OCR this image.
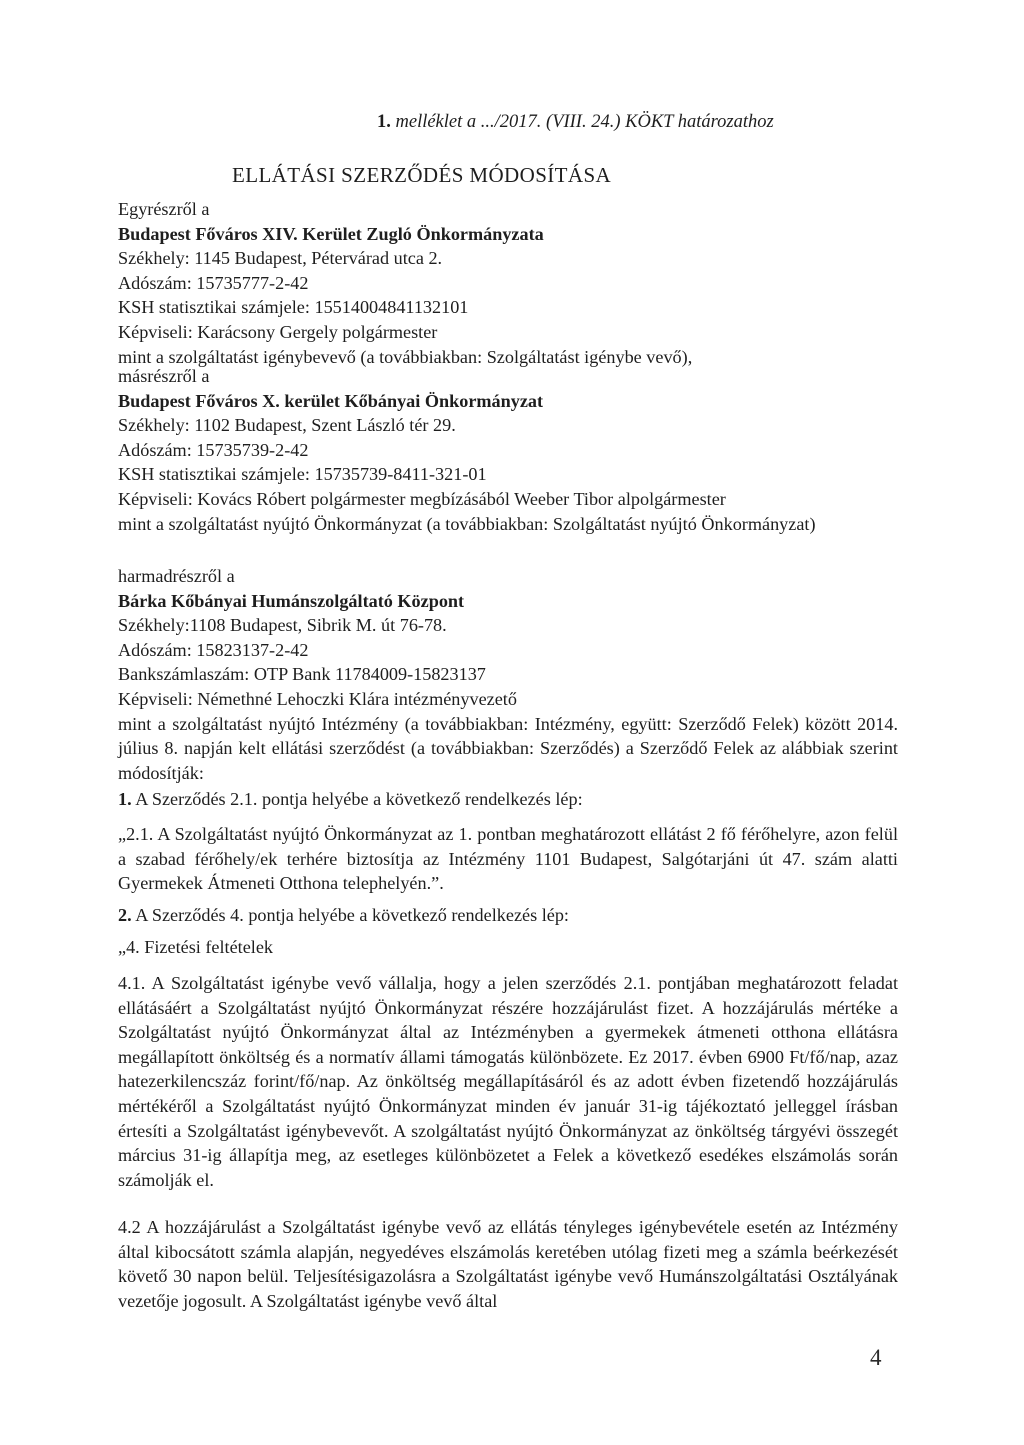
1. melléklet a .../2017. (VIII. 24.) KÖKT határozathoz
ELLÁTÁSI SZERZŐDÉS MÓDOSÍTÁSA
Egyrészről a
Budapest Főváros XIV. Kerület Zugló Önkormányzata
Székhely: 1145 Budapest, Pétervárad utca 2.
Adószám: 15735777-2-42
KSH statisztikai számjele: 15514004841132101
Képviseli: Karácsony Gergely polgármester
mint a szolgáltatást igénybevevő (a továbbiakban: Szolgáltatást igénybe vevő),
másrészről a
Budapest Főváros X. kerület Kőbányai Önkormányzat
Székhely: 1102 Budapest, Szent László tér 29.
Adószám: 15735739-2-42
KSH statisztikai számjele: 15735739-8411-321-01
Képviseli: Kovács Róbert polgármester megbízásából Weeber Tibor alpolgármester
mint a szolgáltatást nyújtó Önkormányzat (a továbbiakban: Szolgáltatást nyújtó Önkormányzat)
harmadrészről a
Bárka Kőbányai Humánszolgáltató Központ
Székhely:1108 Budapest, Sibrik M. út 76-78.
Adószám: 15823137-2-42
Bankszámlaszám: OTP Bank 11784009-15823137
Képviseli: Némethné Lehoczki Klára intézményvezető
mint a szolgáltatást nyújtó Intézmény (a továbbiakban: Intézmény, együtt: Szerződő Felek) között 2014. július 8. napján kelt ellátási szerződést (a továbbiakban: Szerződés) a Szerződő Felek az alábbiak szerint módosítják:
1. A Szerződés 2.1. pontja helyébe a következő rendelkezés lép:
„2.1. A Szolgáltatást nyújtó Önkormányzat az 1. pontban meghatározott ellátást 2 fő férőhelyre, azon felül a szabad férőhely/ek terhére biztosítja az Intézmény 1101 Budapest, Salgótarjáni út 47. szám alatti Gyermekek Átmeneti Otthona telephelyén.”.
2. A Szerződés 4. pontja helyébe a következő rendelkezés lép:
„4. Fizetési feltételek
4.1. A Szolgáltatást igénybe vevő vállalja, hogy a jelen szerződés 2.1. pontjában meghatározott feladat ellátásáért a Szolgáltatást nyújtó Önkormányzat részére hozzájárulást fizet. A hozzájárulás mértéke a Szolgáltatást nyújtó Önkormányzat által az Intézményben a gyermekek átmeneti otthona ellátásra megállapított önköltség és a normatív állami támogatás különbözete. Ez 2017. évben 6900 Ft/fő/nap, azaz hatezerkilencszáz forint/fő/nap. Az önköltség megállapításáról és az adott évben fizetendő hozzájárulás mértékéről a Szolgáltatást nyújtó Önkormányzat minden év január 31-ig tájékoztató jelleggel írásban értesíti a Szolgáltatást igénybevevőt. A szolgáltatást nyújtó Önkormányzat az önköltség tárgyévi összegét március 31-ig állapítja meg, az esetleges különbözetet a Felek a következő esedékes elszámolás során számolják el.
4.2 A hozzájárulást a Szolgáltatást igénybe vevő az ellátás tényleges igénybevétele esetén az Intézmény által kibocsátott számla alapján, negyedéves elszámolás keretében utólag fizeti meg a számla beérkezését követő 30 napon belül. Teljesítésigazolásra a Szolgáltatást igénybe vevő Humánszolgáltatási Osztályának vezetője jogosult. A Szolgáltatást igénybe vevő által
4
